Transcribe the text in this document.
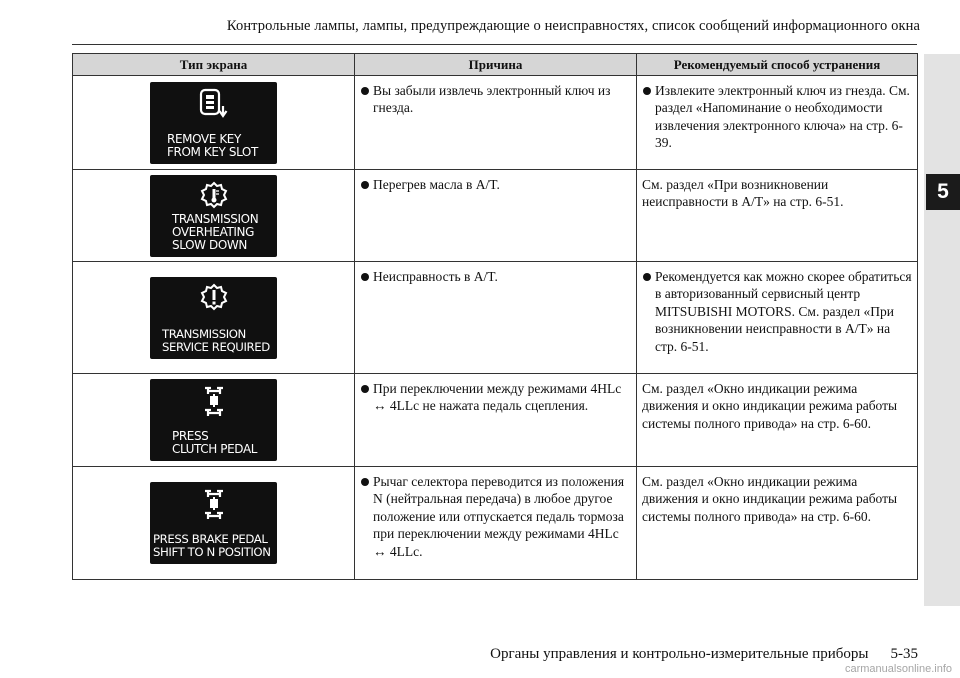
Контрольные лампы, лампы, предупреждающие о неисправностях, список сообщений информационного окна
5
Тип экрана	Причина	Рекомендуемый способ устранения

REMOVE KEY
FROM KEY SLOT	Вы забыли извлечь электронный ключ из гнезда.	Извлеките электронный ключ из гнезда. См. раздел «Напоминание о необходимости извлечения электронного ключа» на стр. 6-39.

TRANSMISSION
OVERHEATING
SLOW DOWN	Перегрев масла в A/T.	См. раздел «При возникновении неисправности в A/T» на стр. 6-51.

TRANSMISSION
SERVICE REQUIRED	Неисправность в A/T.	Рекомендуется как можно скорее обратиться в авторизованный сервисный центр MITSUBISHI MOTORS. См. раздел «При возникновении неисправности в A/T» на стр. 6-51.

PRESS
CLUTCH PEDAL	При переключении между режимами 4HLc ↔ 4LLc не нажата педаль сцепления.	См. раздел «Окно индикации режима движения и окно индикации режима работы системы полного привода» на стр. 6-60.

PRESS BRAKE PEDAL
SHIFT TO N POSITION	Рычаг селектора переводится из положения N (нейтральная передача) в любое другое положение или отпускается педаль тормоза при переключении между режимами 4HLc ↔ 4LLc.	См. раздел «Окно индикации режима движения и окно индикации режима работы системы полного привода» на стр. 6-60.
Органы управления и контрольно-измерительные приборы 5-35
carmanualsonline.info
